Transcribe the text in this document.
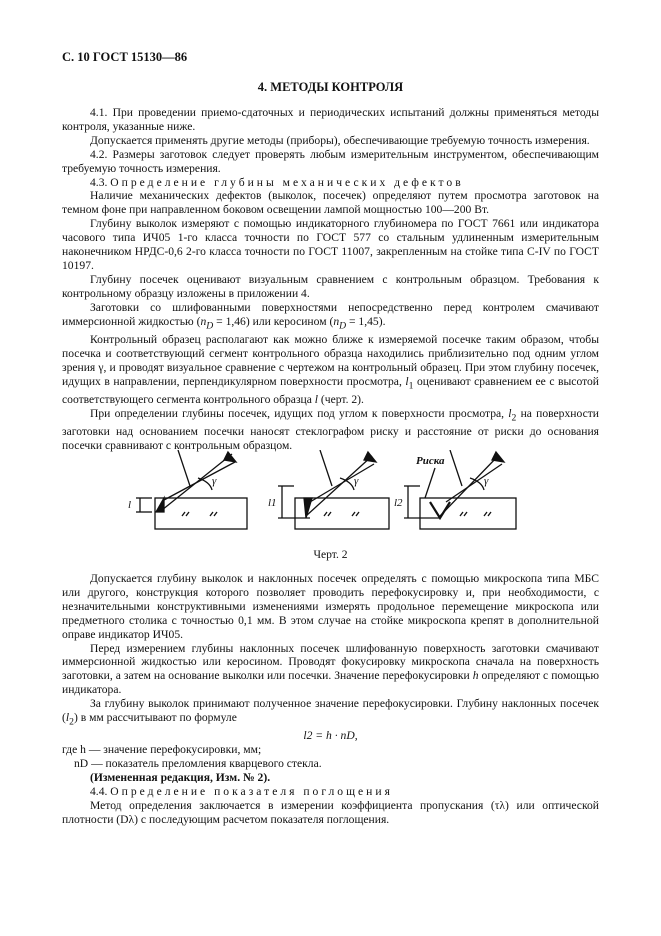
С. 10 ГОСТ 15130—86
4. МЕТОДЫ КОНТРОЛЯ

4.1. При проведении приемо-сдаточных и периодических испытаний должны применяться методы контроля, указанные ниже.

Допускается применять другие методы (приборы), обеспечивающие требуемую точность измерения.

4.2. Размеры заготовок следует проверять любым измерительным инструментом, обеспечивающим требуемую точность измерения.

4.3. Определение глубины механических дефектов

Наличие механических дефектов (выколок, посечек) определяют путем просмотра заготовок на темном фоне при направленном боковом освещении лампой мощностью 100—200 Вт.

Глубину выколок измеряют с помощью индикаторного глубиномера по ГОСТ 7661 или индикатора часового типа ИЧ05 1-го класса точности по ГОСТ 577 со стальным удлиненным измерительным наконечником НРДС-0,6 2-го класса точности по ГОСТ 11007, закрепленным на стойке типа С-IV по ГОСТ 10197.

Глубину посечек оценивают визуальным сравнением с контрольным образцом. Требования к контрольному образцу изложены в приложении 4.

Заготовки со шлифованными поверхностями непосредственно перед контролем смачивают иммерсионной жидкостью $(n_D = 1,46)$ или керосином $(n_D = 1,45)$.

Контрольный образец располагают как можно ближе к измеряемой посечке таким образом, чтобы посечка и соответствующий сегмент контрольного образца находились приблизительно под одним углом зрения γ, и проводят визуальное сравнение с чертежом на контрольный образец. При этом глубину посечек, идущих в направлении, перпендикулярном поверхности просмотра, $l_1$ оценивают сравнением ее с высотой соответствующего сегмента контрольного образца l (черт. 2).

При определении глубины посечек, идущих под углом к поверхности просмотра, $l_2$ на поверхности заготовки над основанием посечки наносят стеклографом риску и расстояние от риски до основания посечки сравнивают с контрольным образцом.

l	l1	l2
γ	γ	γ
Риска
Черт. 2

Допускается глубину выколок и наклонных посечек определять с помощью микроскопа типа МБС или другого, конструкция которого позволяет проводить перефокусировку и, при необходимости, с незначительными конструктивными изменениями измерять продольное перемещение микроскопа или предметного столика с точностью 0,1 мм. В этом случае на стойке микроскопа крепят в дополнительной оправе индикатор ИЧ05.

Перед измерением глубины наклонных посечек шлифованную поверхность заготовки смачивают иммерсионной жидкостью или керосином. Проводят фокусировку микроскопа сначала на поверхность заготовки, а затем на основание выколки или посечки. Значение перефокусировки h определяют с помощью индикатора.

За глубину выколок принимают полученное значение перефокусировки. Глубину наклонных посечек $(l_2)$ в мм рассчитывают по формуле

l2 = h · nD,

где h — значение перефокусировки, мм;

nD — показатель преломления кварцевого стекла.

(Измененная редакция, Изм. № 2).

4.4. Определение показателя поглощения

Метод определения заключается в измерении коэффициента пропускания (τλ) или оптической плотности (Dλ) с последующим расчетом показателя поглощения.
